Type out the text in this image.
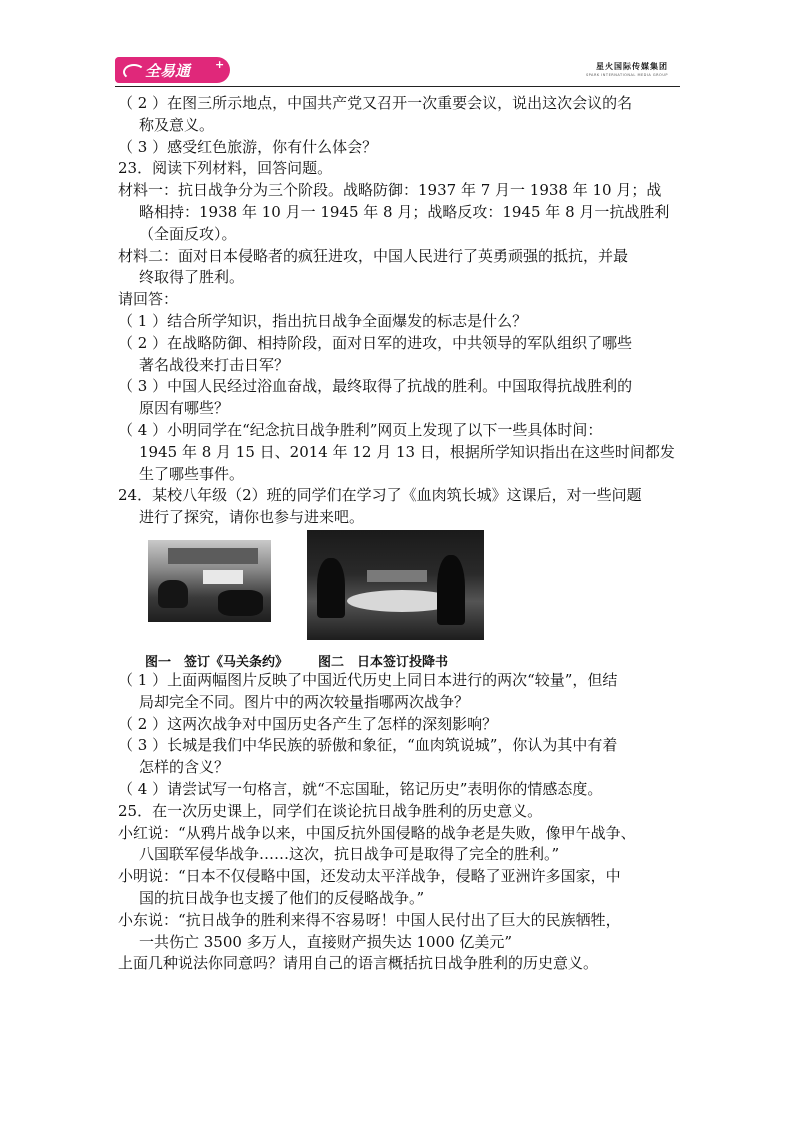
全易通 +	星火国际传媒集团
SPARK INTERNATIONAL MEDIA GROUP
（ 2 ）在图三所示地点，中国共产党又召开一次重要会议，说出这次会议的名
称及意义。
（ 3 ）感受红色旅游，你有什么体会？
23．阅读下列材料，回答问题。
材料一：抗日战争分为三个阶段。战略防御：1937 年 7 月一 1938 年 10 月；战
略相持：1938 年 10 月一 1945 年 8 月；战略反攻：1945 年 8 月一抗战胜利
（全面反攻）。
材料二：面对日本侵略者的疯狂进攻，中国人民进行了英勇顽强的抵抗，并最
终取得了胜利。
请回答：
（ 1 ）结合所学知识，指出抗日战争全面爆发的标志是什么？
（ 2 ）在战略防御、相持阶段，面对日军的进攻，中共领导的军队组织了哪些
著名战役来打击日军？
（ 3 ）中国人民经过浴血奋战，最终取得了抗战的胜利。中国取得抗战胜利的
原因有哪些？
（ 4 ）小明同学在“纪念抗日战争胜利”网页上发现了以下一些具体时间：
1945 年 8 月 15 日、2014 年 12 月 13 日，根据所学知识指出在这些时间都发
生了哪些事件。
24．某校八年级（2）班的同学们在学习了《血肉筑长城》这课后，对一些问题
进行了探究，请你也参与进来吧。
图一　签订《马关条约》 图二　日本签订投降书
（ 1 ）上面两幅图片反映了中国近代历史上同日本进行的两次“较量”，但结
局却完全不同。图片中的两次较量指哪两次战争？
（ 2 ）这两次战争对中国历史各产生了怎样的深刻影响？
（ 3 ）长城是我们中华民族的骄傲和象征，“血肉筑说城”，你认为其中有着
怎样的含义？
（ 4 ）请尝试写一句格言，就“不忘国耻，铭记历史”表明你的情感态度。
25．在一次历史课上，同学们在谈论抗日战争胜利的历史意义。
小红说：“从鸦片战争以来，中国反抗外国侵略的战争老是失败，像甲午战争、
八国联军侵华战争……这次，抗日战争可是取得了完全的胜利。”
小明说：“日本不仅侵略中国，还发动太平洋战争，侵略了亚洲许多国家，中
国的抗日战争也支援了他们的反侵略战争。”
小东说：“抗日战争的胜利来得不容易呀！中国人民付出了巨大的民族牺牲，
一共伤亡 3500 多万人，直接财产损失达 1000 亿美元”
上面几种说法你同意吗？请用自己的语言概括抗日战争胜利的历史意义。
